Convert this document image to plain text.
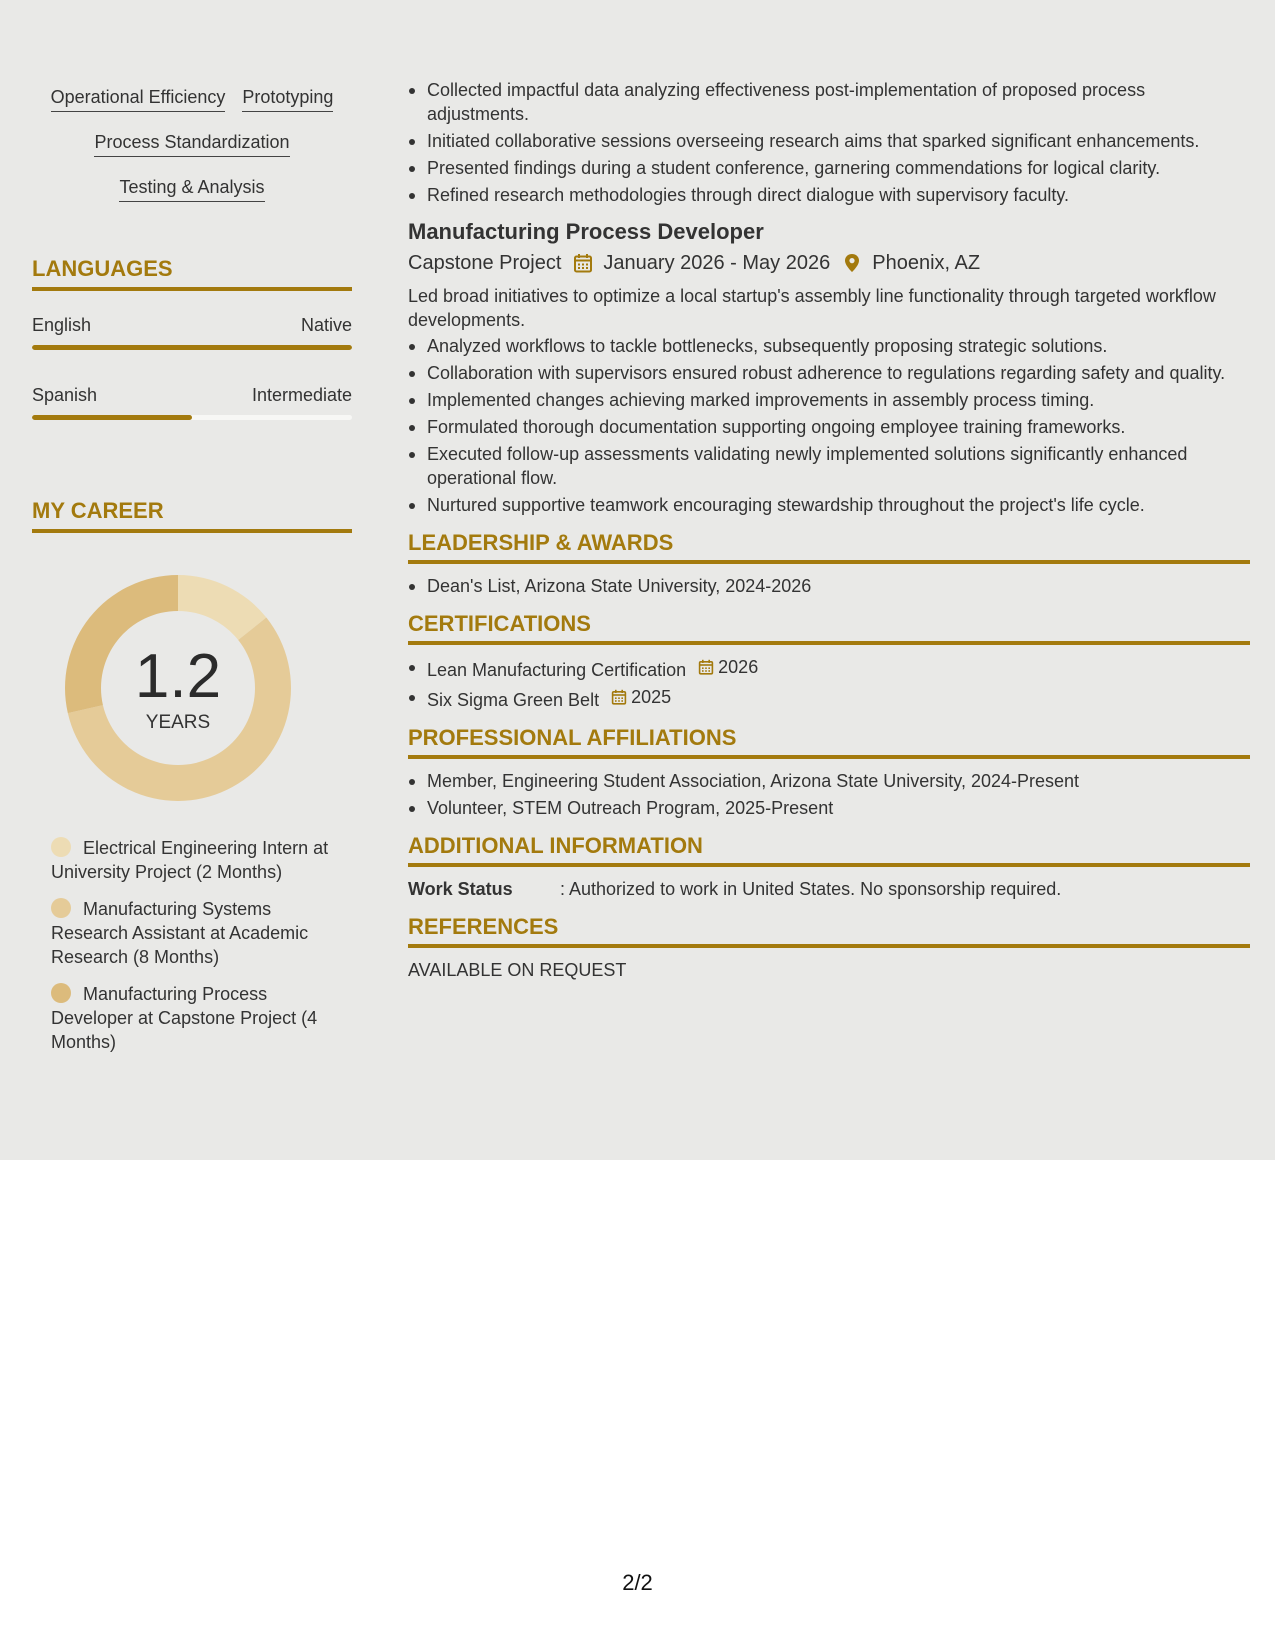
Operational Efficiency Prototyping
Process Standardization
Testing & Analysis
LANGUAGES
English	Native
Spanish	Intermediate
MY CAREER
1.2
YEARS
Electrical Engineering Intern at University Project (2 Months)
Manufacturing Systems Research Assistant at Academic Research (8 Months)
Manufacturing Process Developer at Capstone Project (4 Months)
Collected impactful data analyzing effectiveness post-implementation of proposed process adjustments.
Initiated collaborative sessions overseeing research aims that sparked significant enhancements.
Presented findings during a student conference, garnering commendations for logical clarity.
Refined research methodologies through direct dialogue with supervisory faculty.
Manufacturing Process Developer
Capstone Project January 2026 - May 2026 Phoenix, AZ
Led broad initiatives to optimize a local startup's assembly line functionality through targeted workflow developments.
Analyzed workflows to tackle bottlenecks, subsequently proposing strategic solutions.
Collaboration with supervisors ensured robust adherence to regulations regarding safety and quality.
Implemented changes achieving marked improvements in assembly process timing.
Formulated thorough documentation supporting ongoing employee training frameworks.
Executed follow-up assessments validating newly implemented solutions significantly enhanced operational flow.
Nurtured supportive teamwork encouraging stewardship throughout the project's life cycle.
LEADERSHIP & AWARDS
Dean's List, Arizona State University, 2024-2026
CERTIFICATIONS
Lean Manufacturing Certification 2026
Six Sigma Green Belt 2025
PROFESSIONAL AFFILIATIONS
Member, Engineering Student Association, Arizona State University, 2024-Present
Volunteer, STEM Outreach Program, 2025-Present
ADDITIONAL INFORMATION
Work Status	: Authorized to work in United States. No sponsorship required.
REFERENCES
AVAILABLE ON REQUEST
2/2
